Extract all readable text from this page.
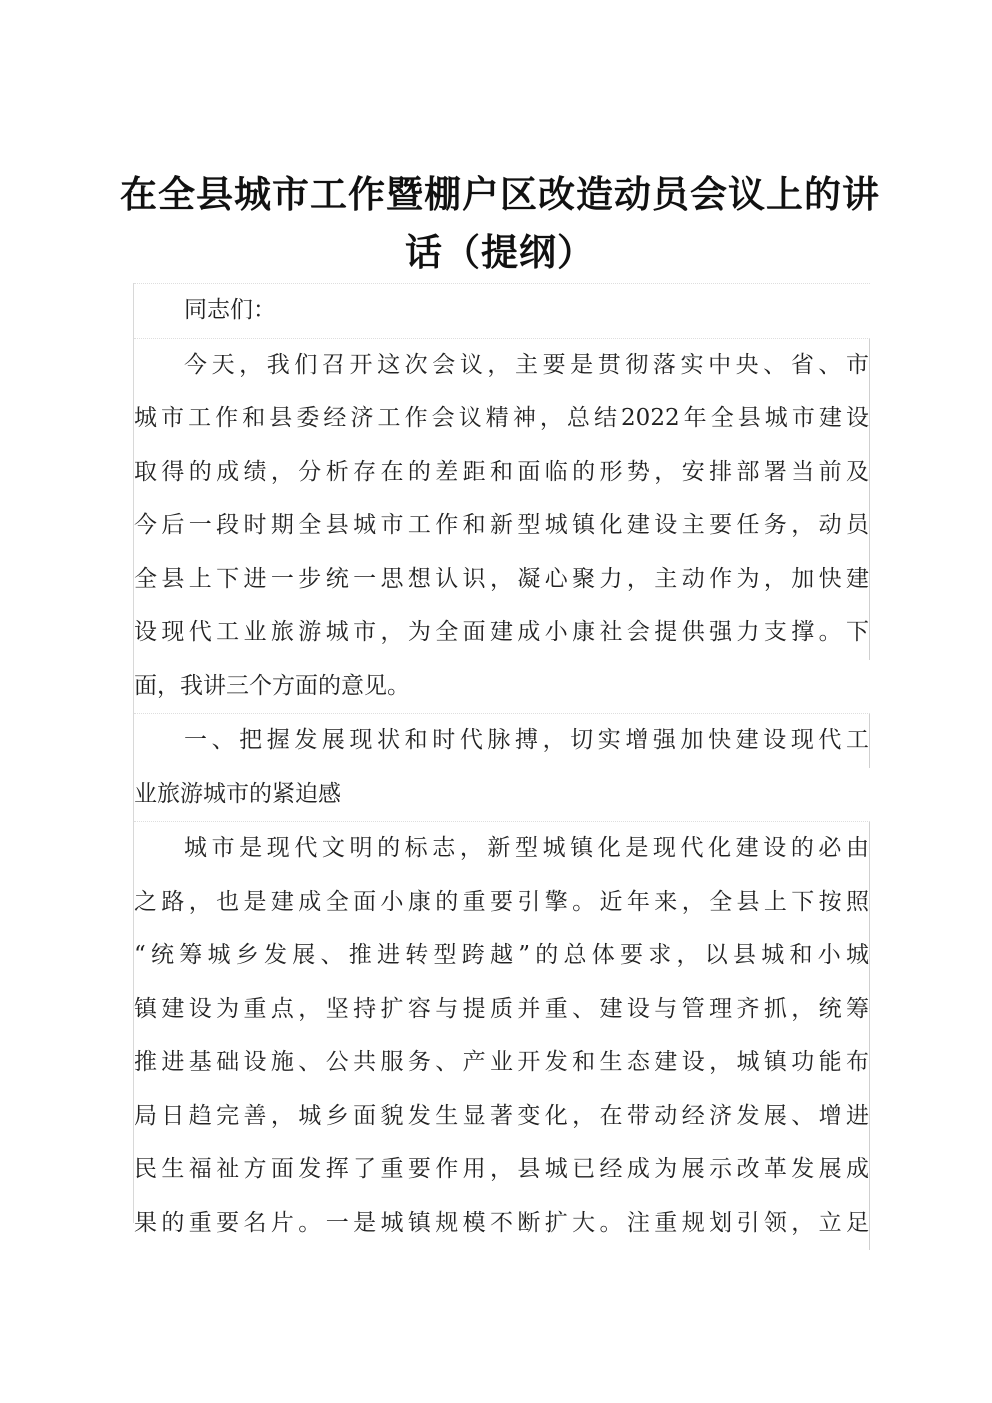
在全县城市工作暨棚户区改造动员会议上的讲
话（提纲）
同志们：
今天，我们召开这次会议，主要是贯彻落实中央、省、市
城市工作和县委经济工作会议精神，总结2022年全县城市建设
取得的成绩，分析存在的差距和面临的形势，安排部署当前及
今后一段时期全县城市工作和新型城镇化建设主要任务，动员
全县上下进一步统一思想认识，凝心聚力，主动作为，加快建
设现代工业旅游城市，为全面建成小康社会提供强力支撑。下
面，我讲三个方面的意见。
一、把握发展现状和时代脉搏，切实增强加快建设现代工
业旅游城市的紧迫感
城市是现代文明的标志，新型城镇化是现代化建设的必由
之路，也是建成全面小康的重要引擎。近年来，全县上下按照
“统筹城乡发展、推进转型跨越”的总体要求，以县城和小城
镇建设为重点，坚持扩容与提质并重、建设与管理齐抓，统筹
推进基础设施、公共服务、产业开发和生态建设，城镇功能布
局日趋完善，城乡面貌发生显著变化，在带动经济发展、增进
民生福祉方面发挥了重要作用，县城已经成为展示改革发展成
果的重要名片。一是城镇规模不断扩大。注重规划引领，立足
